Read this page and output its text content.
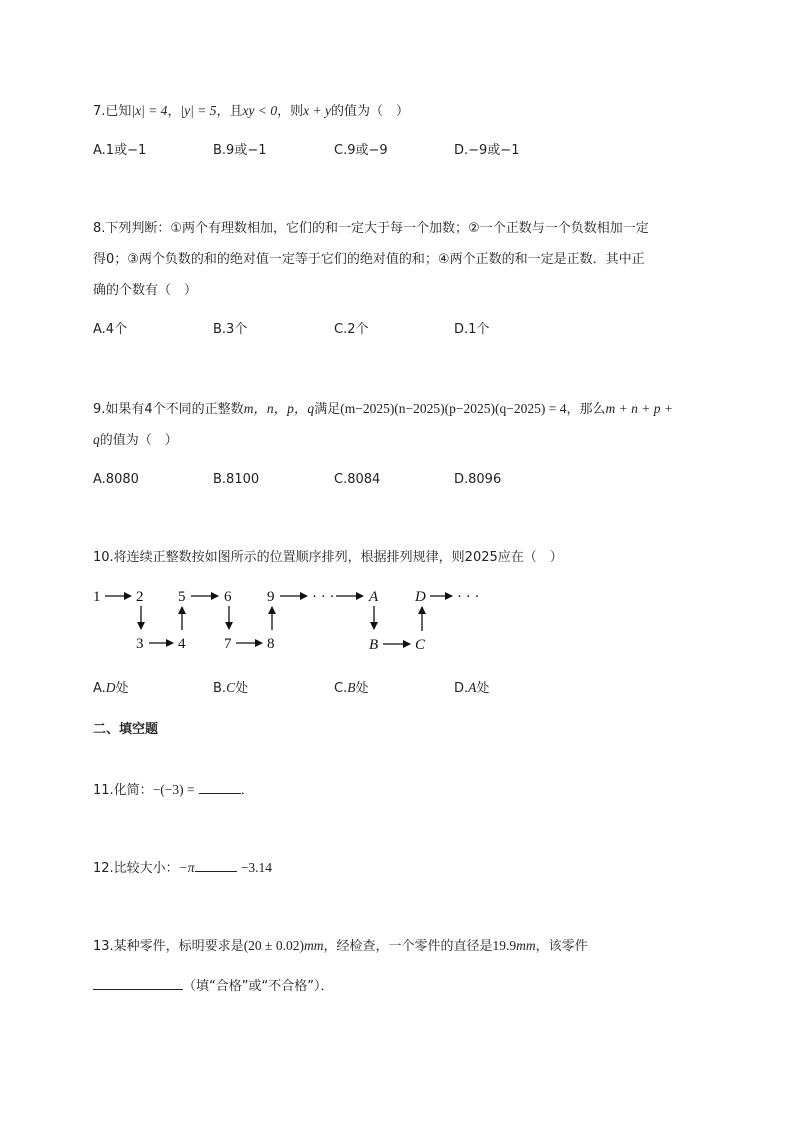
7.已知|x| = 4，|y| = 5，且xy < 0，则x + y的值为（　）
A.1或−1	B.9或−1	C.9或−9	D.−9或−1
8.下列判断：①两个有理数相加，它们的和一定大于每一个加数；②一个正数与一个负数相加一定
得0；③两个负数的和的绝对值一定等于它们的绝对值的和；④两个正数的和一定是正数．其中正
确的个数有（　）
A.4个	B.3个	C.2个	D.1个
9.如果有4个不同的正整数m，n，p，q满足(m−2025)(n−2025)(p−2025)(q−2025) = 4，那么m + n + p +
q的值为（　）
A.8080	B.8100	C.8084	D.8096
10.将连续正整数按如图所示的位置顺序排列，根据排列规律，则2025应在（　）
1 2 5	6 9	· · · A D · · ·
3 4	7 8	B C
A.D处	B.C处	C.B处	D.A处
二、填空题
11.化简：−(−3) =	．
12.比较大小：−π	−3.14
13.某种零件，标明要求是(20 ± 0.02)mm，经检查，一个零件的直径是19.9mm，该零件
（填“合格”或“不合格”）．
